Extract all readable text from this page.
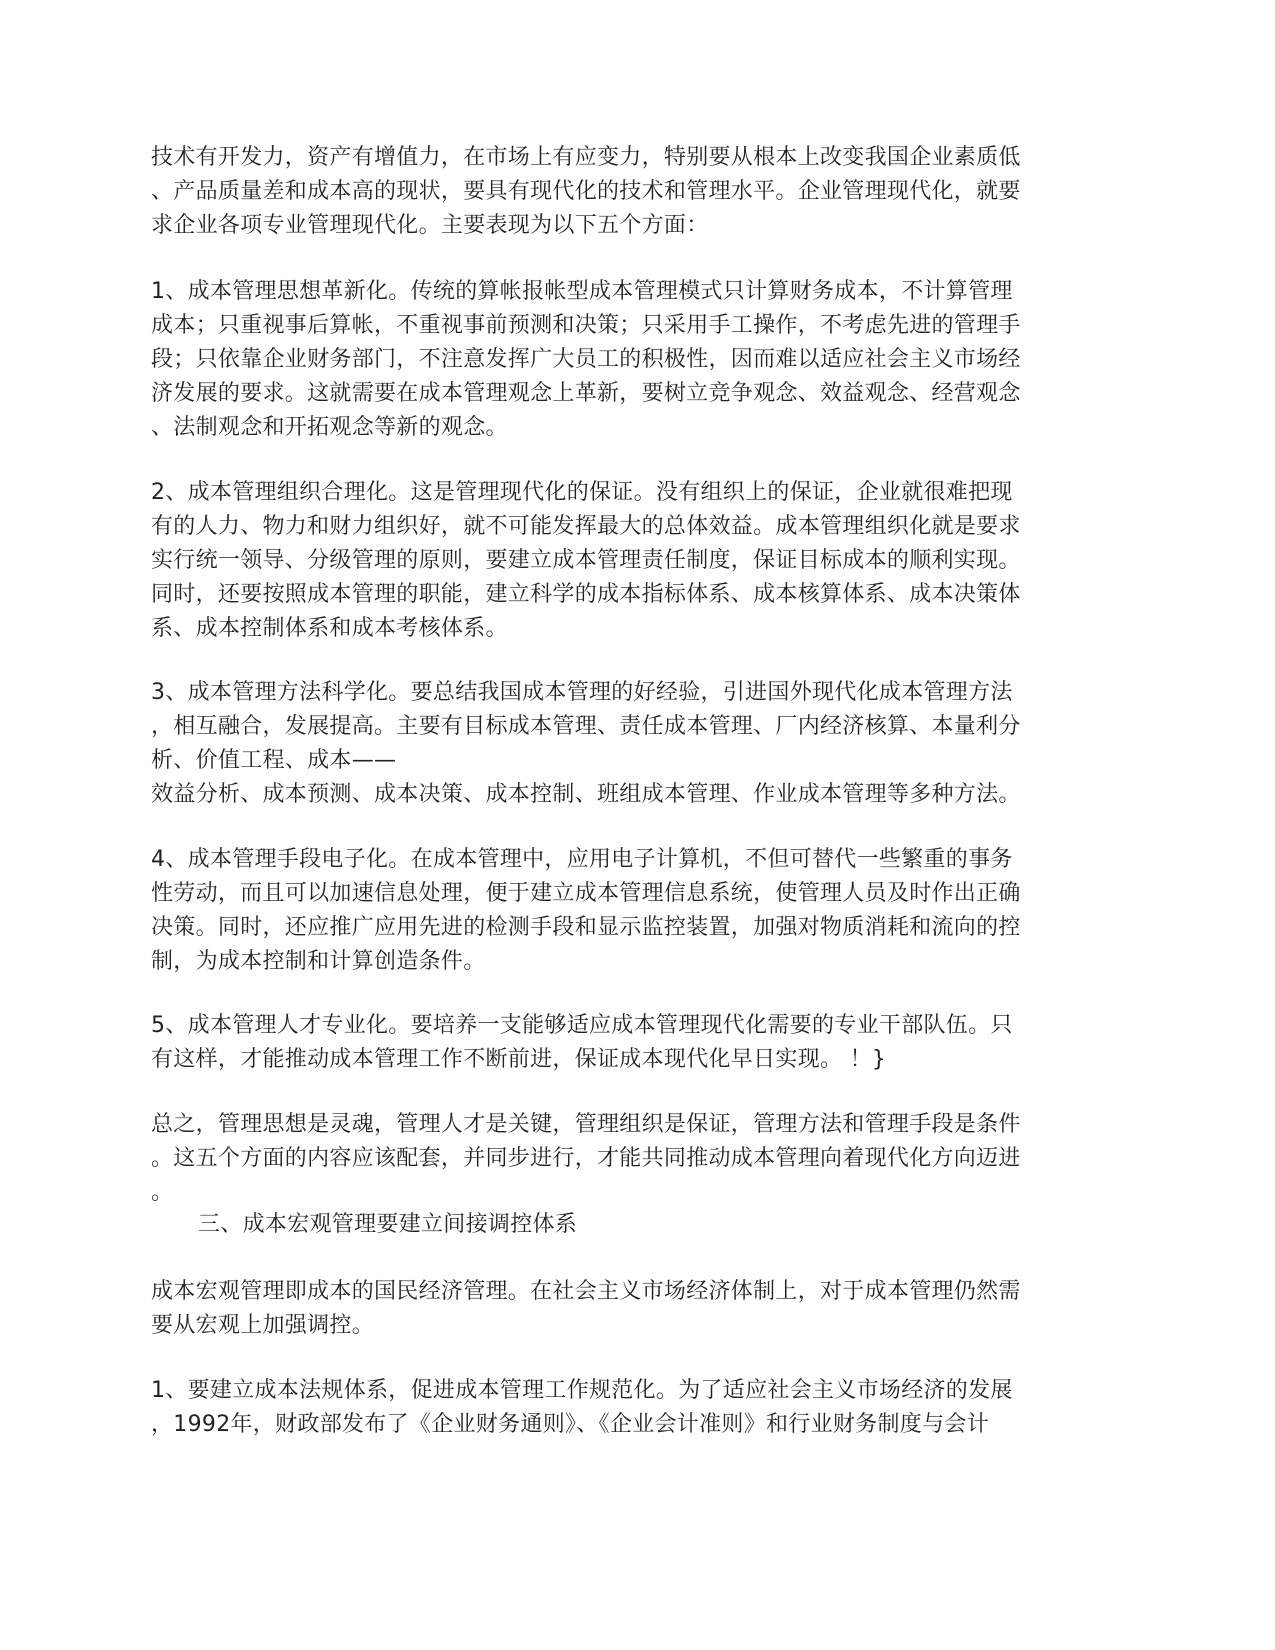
技术有开发力，资产有增值力，在市场上有应变力，特别要从根本上改变我国企业素质低
、产品质量差和成本高的现状，要具有现代化的技术和管理水平。企业管理现代化，就要
求企业各项专业管理现代化。主要表现为以下五个方面：
1、成本管理思想革新化。传统的算帐报帐型成本管理模式只计算财务成本，不计算管理
成本；只重视事后算帐，不重视事前预测和决策；只采用手工操作，不考虑先进的管理手
段；只依靠企业财务部门，不注意发挥广大员工的积极性，因而难以适应社会主义市场经
济发展的要求。这就需要在成本管理观念上革新，要树立竞争观念、效益观念、经营观念
、法制观念和开拓观念等新的观念。
2、成本管理组织合理化。这是管理现代化的保证。没有组织上的保证，企业就很难把现
有的人力、物力和财力组织好，就不可能发挥最大的总体效益。成本管理组织化就是要求
实行统一领导、分级管理的原则，要建立成本管理责任制度，保证目标成本的顺利实现。
同时，还要按照成本管理的职能，建立科学的成本指标体系、成本核算体系、成本决策体
系、成本控制体系和成本考核体系。
3、成本管理方法科学化。要总结我国成本管理的好经验，引进国外现代化成本管理方法
，相互融合，发展提高。主要有目标成本管理、责任成本管理、厂内经济核算、本量利分
析、价值工程、成本——
效益分析、成本预测、成本决策、成本控制、班组成本管理、作业成本管理等多种方法。
4、成本管理手段电子化。在成本管理中，应用电子计算机，不但可替代一些繁重的事务
性劳动，而且可以加速信息处理，便于建立成本管理信息系统，使管理人员及时作出正确
决策。同时，还应推广应用先进的检测手段和显示监控装置，加强对物质消耗和流向的控
制，为成本控制和计算创造条件。
5、成本管理人才专业化。要培养一支能够适应成本管理现代化需要的专业干部队伍。只
有这样，才能推动成本管理工作不断前进，保证成本现代化早日实现。 ！}
总之，管理思想是灵魂，管理人才是关键，管理组织是保证，管理方法和管理手段是条件
。这五个方面的内容应该配套，并同步进行，才能共同推动成本管理向着现代化方向迈进
。
三、成本宏观管理要建立间接调控体系
成本宏观管理即成本的国民经济管理。在社会主义市场经济体制上，对于成本管理仍然需
要从宏观上加强调控。
1、要建立成本法规体系，促进成本管理工作规范化。为了适应社会主义市场经济的发展
，1992年，财政部发布了《企业财务通则》、《企业会计准则》和行业财务制度与会计
